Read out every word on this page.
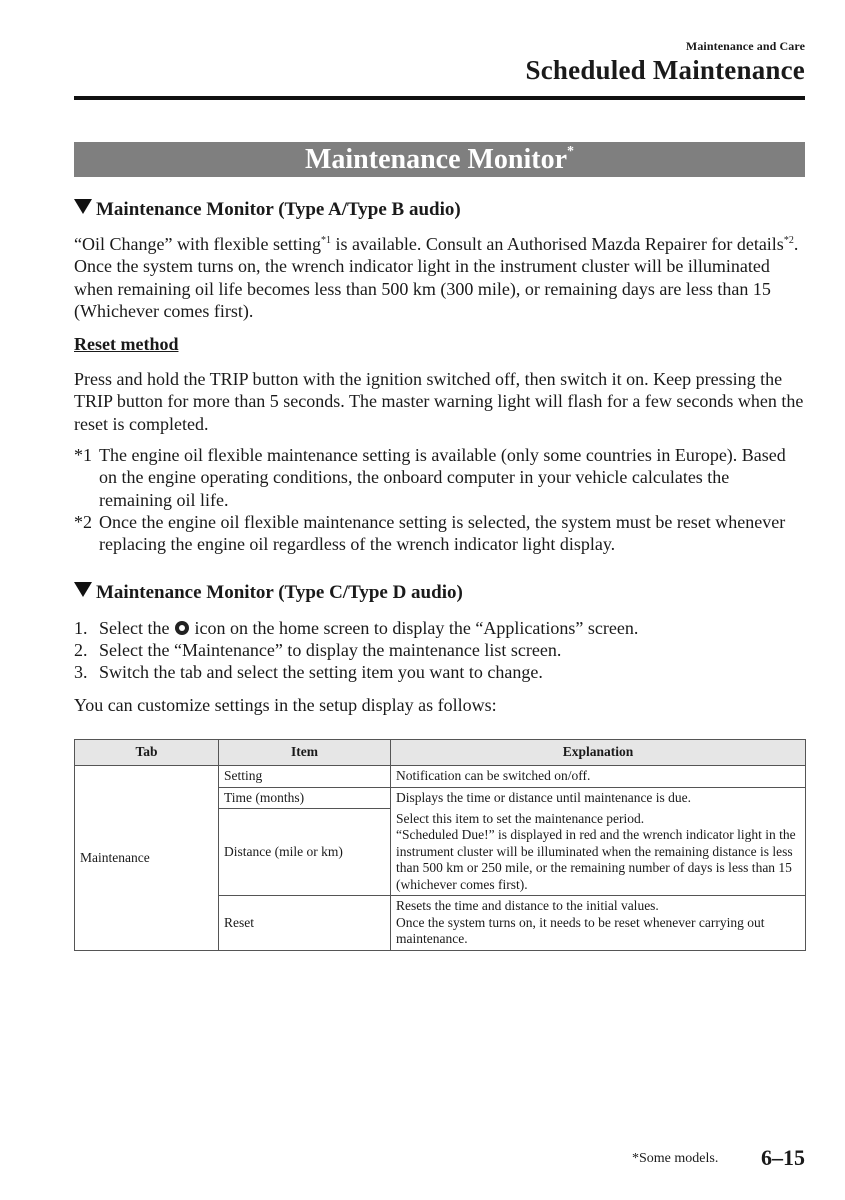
Maintenance and Care
Scheduled Maintenance
Maintenance Monitor*
Maintenance Monitor (Type A/Type B audio)
“Oil Change” with flexible setting$^{*1}$ is available. Consult an Authorised Mazda Repairer for details$^{*2}$. Once the system turns on, the wrench indicator light in the instrument cluster will be illuminated when remaining oil life becomes less than 500 km (300 mile), or remaining days are less than 15 (Whichever comes first).
Reset method
Press and hold the TRIP button with the ignition switched off, then switch it on. Keep pressing the TRIP button for more than 5 seconds. The master warning light will flash for a few seconds when the reset is completed.
*1 The engine oil flexible maintenance setting is available (only some countries in Europe). Based on the engine operating conditions, the onboard computer in your vehicle calculates the remaining oil life.
*2 Once the engine oil flexible maintenance setting is selected, the system must be reset whenever replacing the engine oil regardless of the wrench indicator light display.
Maintenance Monitor (Type C/Type D audio)
1. Select the  icon on the home screen to display the “Applications” screen.
2. Select the “Maintenance” to display the maintenance list screen.
3. Switch the tab and select the setting item you want to change.
You can customize settings in the setup display as follows:
Tab	Item	Explanation
Maintenance	Setting	Notification can be switched on/off.
	Time (months)	Displays the time or distance until maintenance is due.
	Distance (mile or km)	Select this item to set the maintenance period.
“Scheduled Due!” is displayed in red and the wrench indicator light in the instrument cluster will be illuminated when the remaining distance is less than 500 km or 250 mile, or the remaining number of days is less than 15 (whichever comes first).
	Reset	Resets the time and distance to the initial values.
Once the system turns on, it needs to be reset whenever carrying out maintenance.
*Some models. 6–15
